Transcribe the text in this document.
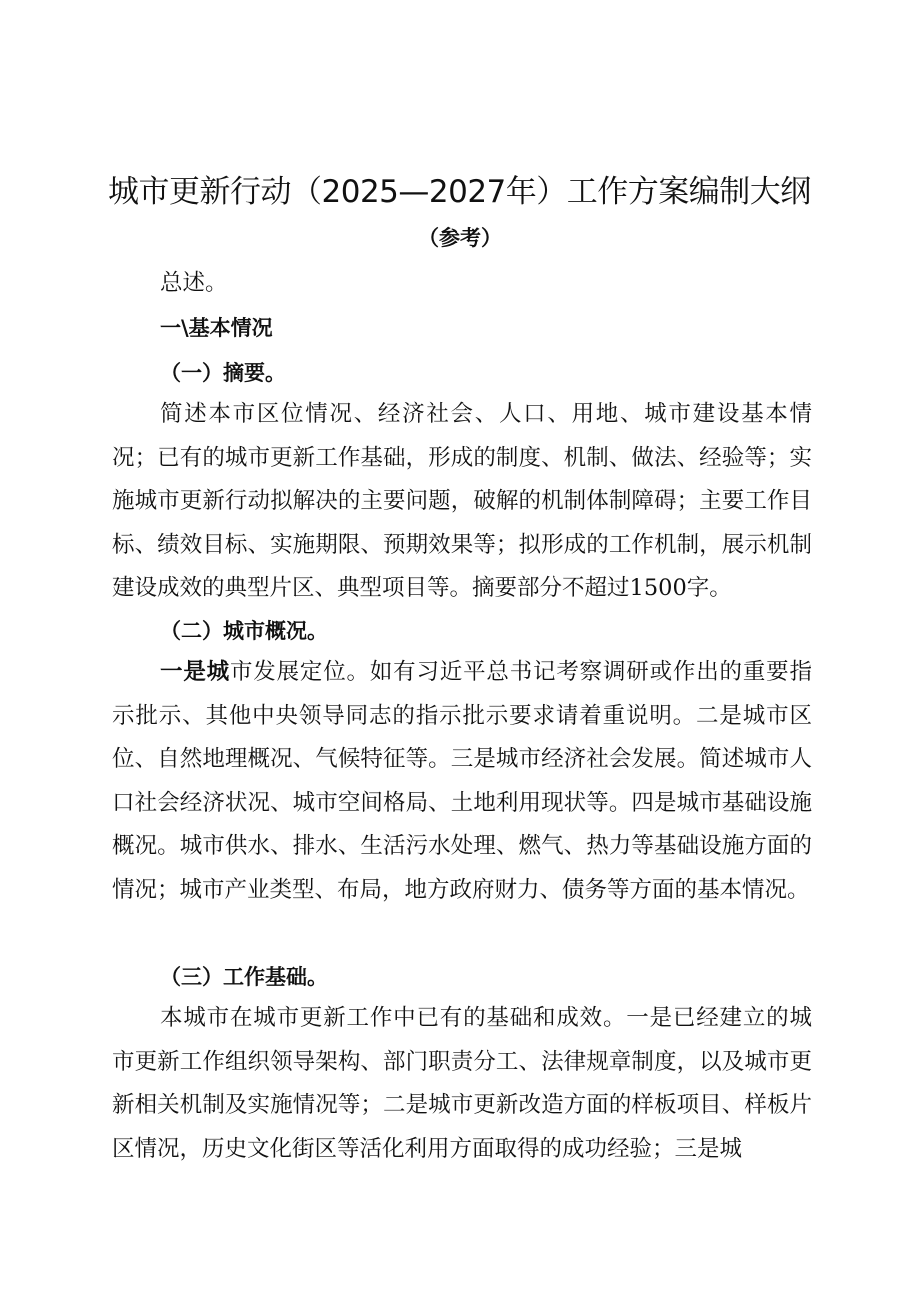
城市更新行动（2025—2027年）工作方案编制大纲
（参考）
总述。
一\基本情况
（一）摘要。

简述本市区位情况、经济社会、人口、用地、城市建设基本情况；已有的城市更新工作基础，形成的制度、机制、做法、经验等；实施城市更新行动拟解决的主要问题，破解的机制体制障碍；主要工作目标、绩效目标、实施期限、预期效果等；拟形成的工作机制，展示机制建设成效的典型片区、典型项目等。摘要部分不超过1500字。

（二）城市概况。

一是城市发展定位。如有习近平总书记考察调研或作出的重要指示批示、其他中央领导同志的指示批示要求请着重说明。二是城市区位、自然地理概况、气候特征等。三是城市经济社会发展。简述城市人口社会经济状况、城市空间格局、土地利用现状等。四是城市基础设施概况。城市供水、排水、生活污水处理、燃气、热力等基础设施方面的情况；城市产业类型、布局，地方政府财力、债务等方面的基本情况。

（三）工作基础。

本城市在城市更新工作中已有的基础和成效。一是已经建立的城市更新工作组织领导架构、部门职责分工、法律规章制度，以及城市更新相关机制及实施情况等；二是城市更新改造方面的样板项目、样板片区情况，历史文化街区等活化利用方面取得的成功经验；三是城
